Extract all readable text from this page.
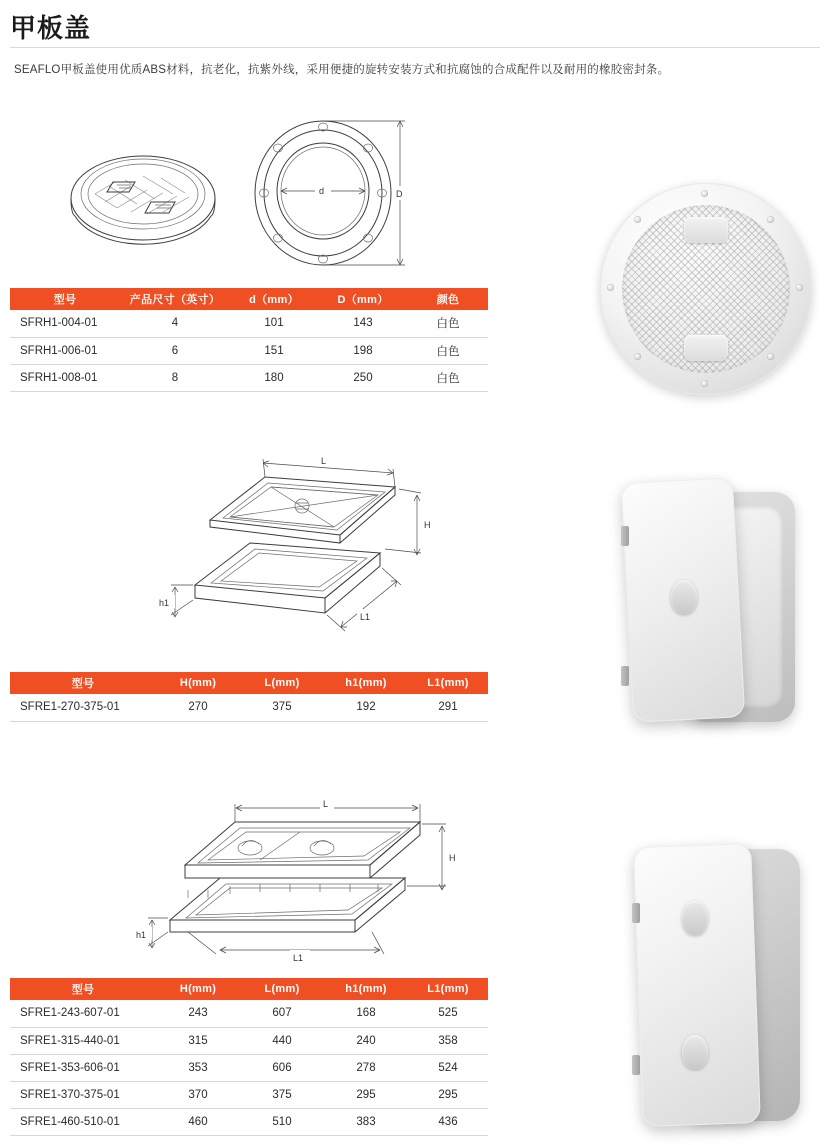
甲板盖
SEAFLO甲板盖使用优质ABS材料，抗老化，抗紫外线，采用便捷的旋转安装方式和抗腐蚀的合成配件以及耐用的橡胶密封条。
d	D
型号	产品尺寸（英寸）	d（mm）	D（mm）	颜色
SFRH1-004-01	4	101	143	白色
SFRH1-006-01	6	151	198	白色
SFRH1-008-01	8	180	250	白色
L
H
h1
L1
型号	H(mm)	L(mm)	h1(mm)	L1(mm)
SFRE1-270-375-01	270	375	192	291
L
H
h1
L1
型号	H(mm)	L(mm)	h1(mm)	L1(mm)
SFRE1-243-607-01	243	607	168	525
SFRE1-315-440-01	315	440	240	358
SFRE1-353-606-01	353	606	278	524
SFRE1-370-375-01	370	375	295	295
SFRE1-460-510-01	460	510	383	436
